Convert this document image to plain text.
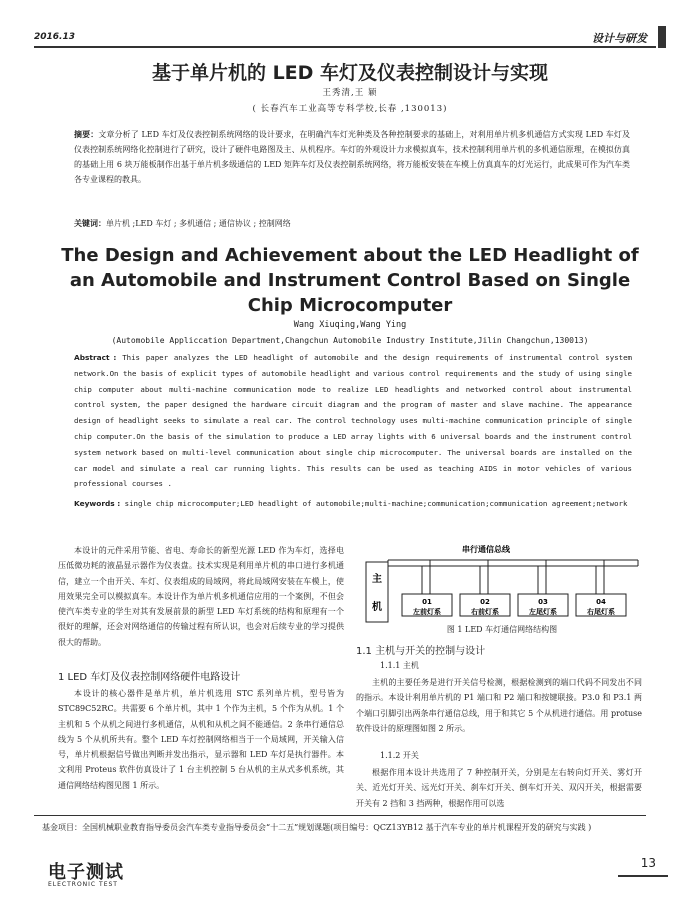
2016.13	设计与研发
基于单片机的 LED 车灯及仪表控制设计与实现
王秀清,王 颖
( 长春汽车工业高等专科学校,长春 ,130013)
摘要：文章分析了 LED 车灯及仪表控制系统网络的设计要求，在明确汽车灯光种类及各种控制要求的基础上，对利用单片机多机通信方式实现 LED 车灯及仪表控制系统网络化控制进行了研究，设计了硬件电路图及主、从机程序。车灯的外观设计力求模拟真车，技术控制利用单片机的多机通信原理，在模拟仿真的基础上用 6 块万能板制作出基于单片机多级通信的 LED 矩阵车灯及仪表控制系统网络，将万能板安装在车模上仿真真车的灯光运行，此成果可作为汽车类各专业课程的教具。
关键词：单片机 ;LED 车灯 ; 多机通信 ; 通信协议 ; 控制网络
The Design and Achievement about the LED Headlight of an Automobile and Instrument Control Based on Single Chip Microcomputer
Wang Xiuqing,Wang Ying
(Automobile Appliccation Department,Changchun Automobile Industry Institute,Jilin Changchun,130013)
Abstract : This paper analyzes the LED headlight of automobile and the design requirements of instrumental control system network.On the basis of explicit types of automobile headlight and various control requirements and the study of using single chip computer about multi-machine communication mode to realize LED headlights and networked control about instrumental control system, the paper designed the hardware circuit diagram and the program of master and slave machine. The appearance design of headlight seeks to simulate a real car. The control technology uses multi-machine communication principle of single chip computer.On the basis of the simulation to produce a LED array lights with 6 universal boards and the instrument control system network based on multi-level communication about single chip microcomputer. The universal boards are installed on the car model and simulate a real car running lights. This results can be used as teaching AIDS in motor vehicles of various professional courses .
Keywords : single chip microcomputer;LED headlight of automobile;multi-machine;communication;communication agreement;network

本设计的元件采用节能、省电、寿命长的新型光源 LED 作为车灯，选择电压低微功耗的液晶显示器作为仪表盘。技术实现是利用单片机的串口进行多机通信，建立一个由开关、车灯、仪表组成的局域网，将此局域网安装在车模上，使用效果完全可以模拟真车。本设计作为单片机多机通信应用的一个案例，不但会使汽车类专业的学生对其有发展前景的新型 LED 车灯系统的结构和原理有一个很好的理解，还会对网络通信的传输过程有所认识，也会对后续专业的学习提供很大的帮助。

1 LED 车灯及仪表控制网络硬件电路设计
本设计的核心器件是单片机，单片机选用 STC 系列单片机，型号皆为 STC89C52RC。共需要 6 个单片机，其中 1 个作为主机，5 个作为从机。1 个主机和 5 个从机之间进行多机通信，从机和从机之间不能通信。2 条串行通信总线为 5 个从机所共有。整个 LED 车灯控制网络相当于一个局域网，开关输入信号，单片机根据信号做出判断并发出指示，显示器和 LED 车灯是执行器件。本文利用 Proteus 软件仿真设计了 1 台主机控制 5 台从机的主从式多机系统，其通信网络结构图见图 1 所示。
主
机
串行通信总线
01
左前灯系
02
右前灯系
03
左尾灯系
04
右尾灯系
图 1 LED 车灯通信网络结构图
1.1 主机与开关的控制与设计
1.1.1 主机
主机的主要任务是进行开关信号检测，根据检测到的端口代码不同发出不同的指示。本设计利用单片机的 P1 端口和 P2 端口和按键联接。P3.0 和 P3.1 两个端口引脚引出两条串行通信总线，用于和其它 5 个从机进行通信。用 protuse 软件设计的原理图如图 2 所示。
1.1.2 开关
根据作用本设计共选用了 7 种控制开关，分别是左右转向灯开关、雾灯开关、近光灯开关、远光灯开关、刹车灯开关、倒车灯开关、双闪开关，根据需要开关有 2 挡和 3 挡两种，根据作用可以选
基金项目：全国机械职业教育指导委员会汽车类专业指导委员会“十二五”规划课题(项目编号：QCZ13YB12 基于汽车专业的单片机课程开发的研究与实践 )
电子测试
ELECTRONIC TEST
13
